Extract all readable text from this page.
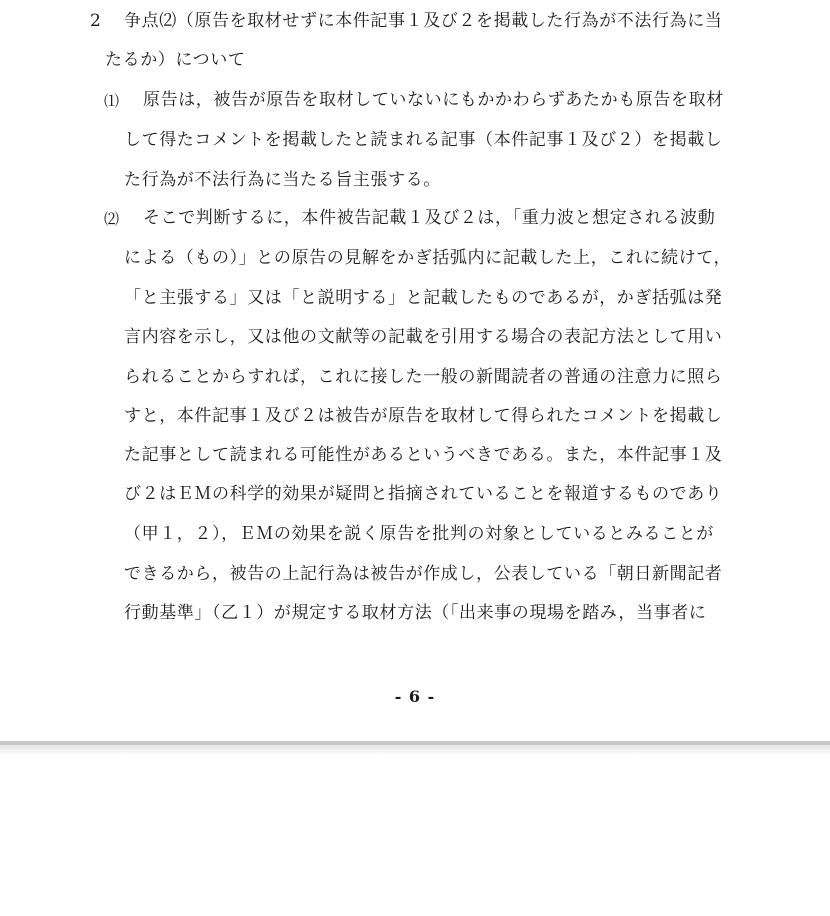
2 争点⑵（原告を取材せずに本件記事１及び２を掲載した行為が不法行為に当
たるか）について
⑴ 原告は，被告が原告を取材していないにもかかわらずあたかも原告を取材
して得たコメントを掲載したと読まれる記事（本件記事１及び２）を掲載し
た行為が不法行為に当たる旨主張する。
⑵ そこで判断するに，本件被告記載１及び２は，「重力波と想定される波動
による（もの）」との原告の見解をかぎ括弧内に記載した上，これに続けて，
「と主張する」又は「と説明する」と記載したものであるが，かぎ括弧は発
言内容を示し，又は他の文献等の記載を引用する場合の表記方法として用い
られることからすれば，これに接した一般の新聞読者の普通の注意力に照ら
すと，本件記事１及び２は被告が原告を取材して得られたコメントを掲載し
た記事として読まれる可能性があるというべきである。また，本件記事１及
び２はＥＭの科学的効果が疑問と指摘されていることを報道するものであり
（甲１，２），ＥＭの効果を説く原告を批判の対象としているとみることが
できるから，被告の上記行為は被告が作成し，公表している「朝日新聞記者
行動基準」（乙１）が規定する取材方法（「出来事の現場を踏み，当事者に
- 6 -
